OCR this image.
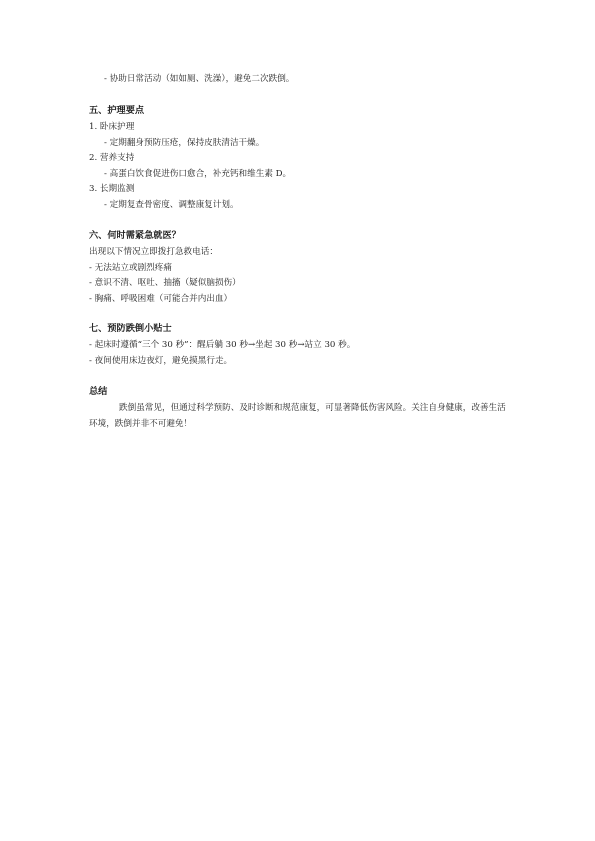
- 协助日常活动（如如厕、洗澡），避免二次跌倒。
五、护理要点
1. 卧床护理
- 定期翻身预防压疮，保持皮肤清洁干燥。
2. 营养支持
- 高蛋白饮食促进伤口愈合，补充钙和维生素 D。
3. 长期监测
- 定期复查骨密度、调整康复计划。
六、何时需紧急就医？
出现以下情况立即拨打急救电话：
- 无法站立或剧烈疼痛
- 意识不清、呕吐、抽搐（疑似脑损伤）
- 胸痛、呼吸困难（可能合并内出血）
七、预防跌倒小贴士
- 起床时遵循“三个 30 秒”：醒后躺 30 秒→坐起 30 秒→站立 30 秒。
- 夜间使用床边夜灯，避免摸黑行走。
总结
跌倒虽常见，但通过科学预防、及时诊断和规范康复，可显著降低伤害风险。关注自身健康，改善生活环境，跌倒并非不可避免！
